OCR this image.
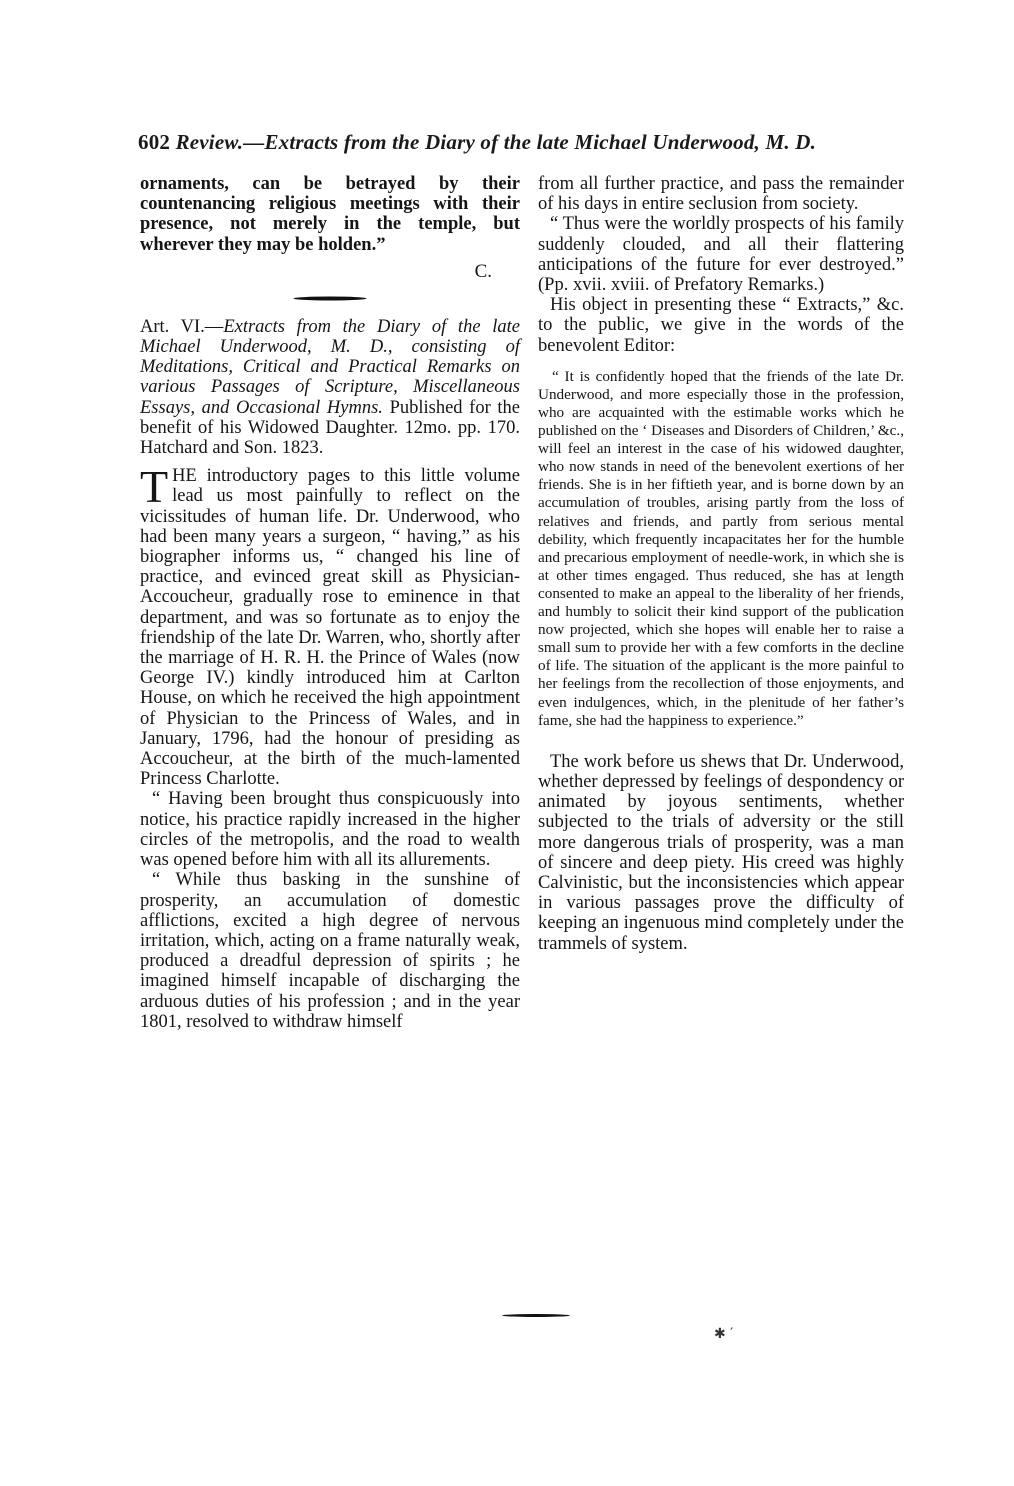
602 Review.—Extracts from the Diary of the late Michael Underwood, M. D.

ornaments, can be betrayed by their countenancing religious meetings with their presence, not merely in the temple, but wherever they may be holden.”

C.
Art. VI.—Extracts from the Diary of the late Michael Underwood, M. D., consisting of Meditations, Critical and Practical Remarks on various Passages of Scripture, Miscellaneous Essays, and Occasional Hymns. Published for the benefit of his Widowed Daughter. 12mo. pp. 170. Hatchard and Son. 1823.
THE introductory pages to this little volume lead us most painfully to reflect on the vicissitudes of human life. Dr. Underwood, who had been many years a surgeon, “ having,” as his biographer informs us, “ changed his line of practice, and evinced great skill as Physician-Accoucheur, gradually rose to eminence in that department, and was so fortunate as to enjoy the friendship of the late Dr. Warren, who, shortly after the marriage of H. R. H. the Prince of Wales (now George IV.) kindly introduced him at Carlton House, on which he received the high appointment of Physician to the Princess of Wales, and in January, 1796, had the honour of presiding as Accoucheur, at the birth of the much-lamented Princess Charlotte.

“ Having been brought thus conspicuously into notice, his practice rapidly increased in the higher circles of the metropolis, and the road to wealth was opened before him with all its allurements.

“ While thus basking in the sunshine of prosperity, an accumulation of domestic afflictions, excited a high degree of nervous irritation, which, acting on a frame naturally weak, produced a dreadful depression of spirits ; he imagined himself incapable of discharging the arduous duties of his profession ; and in the year 1801, resolved to withdraw himself

from all further practice, and pass the remainder of his days in entire seclusion from society.

“ Thus were the worldly prospects of his family suddenly clouded, and all their flattering anticipations of the future for ever destroyed.” (Pp. xvii. xviii. of Prefatory Remarks.)

His object in presenting these “ Extracts,” &c. to the public, we give in the words of the benevolent Editor:

“ It is confidently hoped that the friends of the late Dr. Underwood, and more especially those in the profession, who are acquainted with the estimable works which he published on the ‘ Diseases and Disorders of Children,’ &c., will feel an interest in the case of his widowed daughter, who now stands in need of the benevolent exertions of her friends. She is in her fiftieth year, and is borne down by an accumulation of troubles, arising partly from the loss of relatives and friends, and partly from serious mental debility, which frequently incapacitates her for the humble and precarious employment of needle-work, in which she is at other times engaged. Thus reduced, she has at length consented to make an appeal to the liberality of her friends, and humbly to solicit their kind support of the publication now projected, which she hopes will enable her to raise a small sum to provide her with a few comforts in the decline of life. The situation of the applicant is the more painful to her feelings from the recollection of those enjoyments, and even indulgences, which, in the plenitude of her father’s fame, she had the happiness to experience.”

The work before us shews that Dr. Underwood, whether depressed by feelings of despondency or animated by joyous sentiments, whether subjected to the trials of adversity or the still more dangerous trials of prosperity, was a man of sincere and deep piety. His creed was highly Calvinistic, but the inconsistencies which appear in various passages prove the difficulty of keeping an ingenuous mind completely under the trammels of system.

✱ ′
